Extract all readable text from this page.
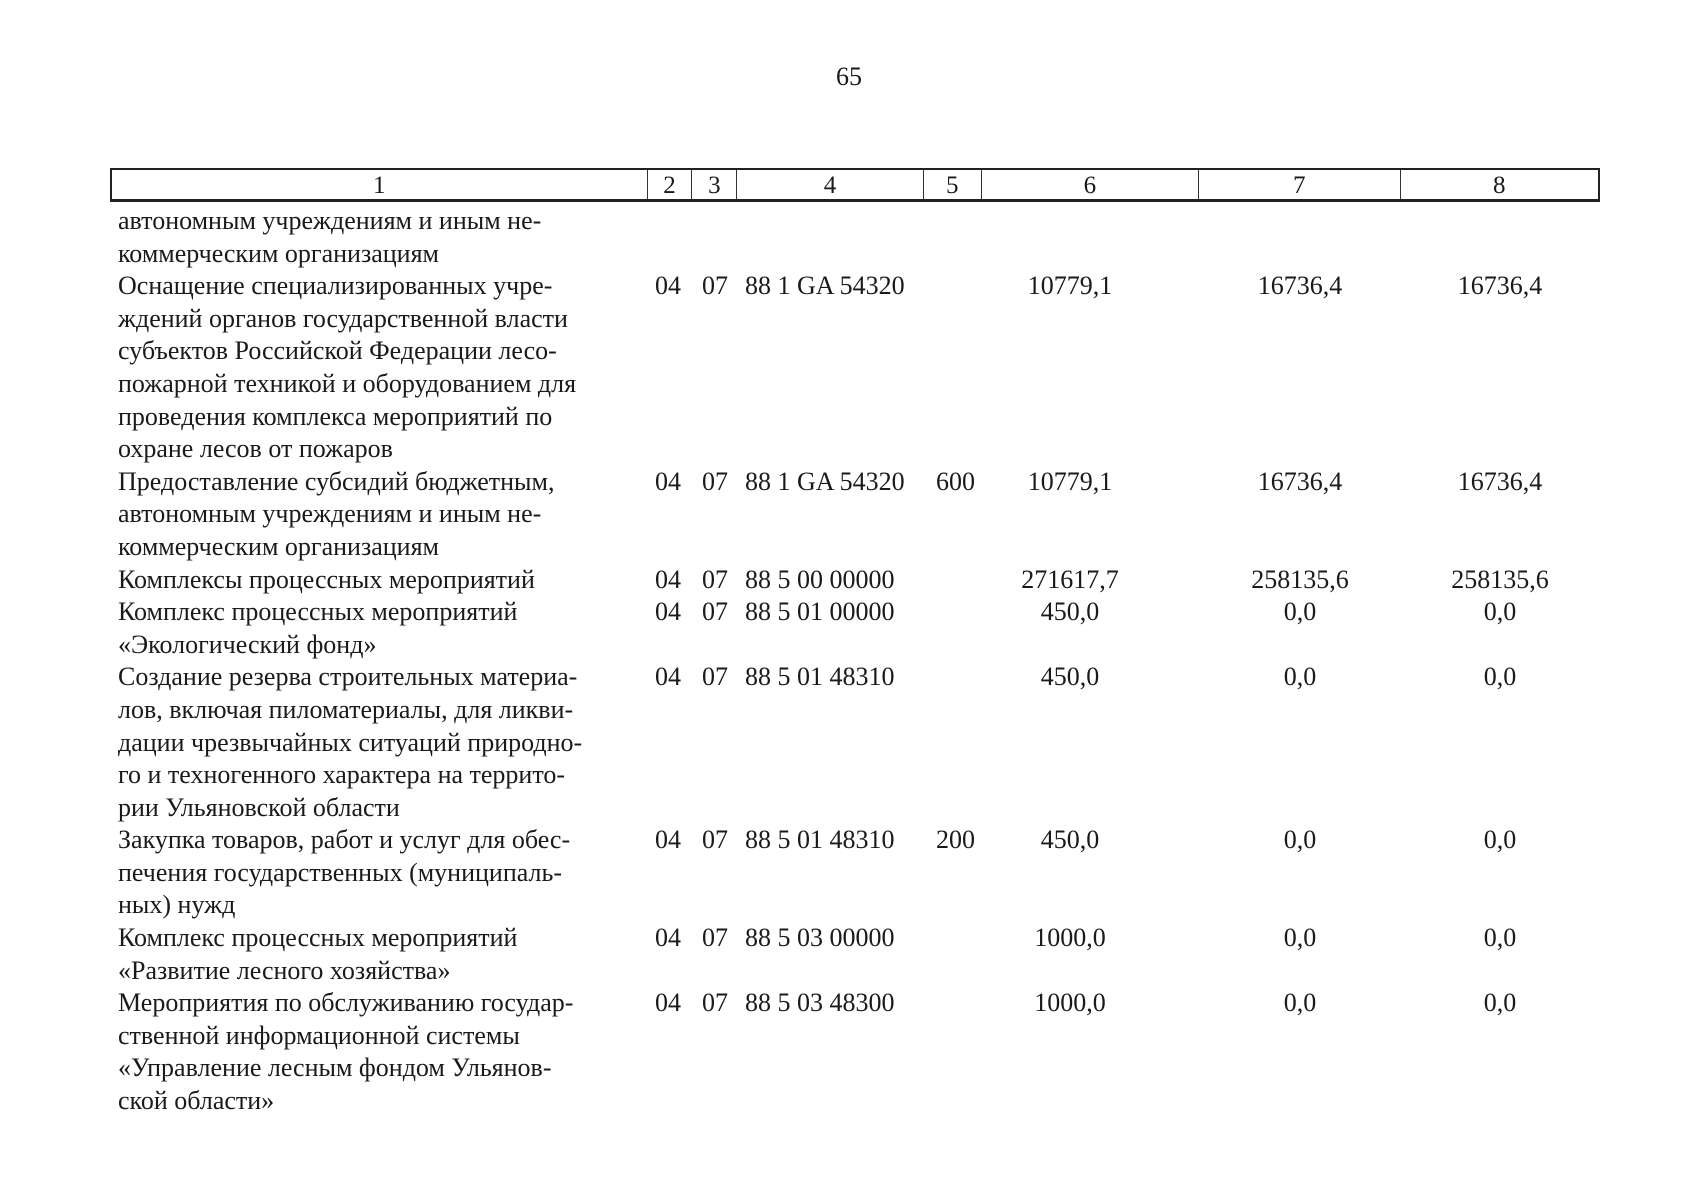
65
1	2	3	4	5	6	7	8
автономным учреждениям и иным не-
коммерческим организациям
Оснащение специализированных учре-
ждений органов государственной власти
субъектов Российской Федерации лесо-
пожарной техникой и оборудованием для
проведения комплекса мероприятий по
охране лесов от пожаров
04 07 88 1 GA 54320	10779,1	16736,4	16736,4
Предоставление субсидий бюджетным,
автономным учреждениям и иным не-
коммерческим организациям
04 07 88 1 GA 54320 600	10779,1	16736,4	16736,4
Комплексы процессных мероприятий	04 07 88 5 00 00000	271617,7	258135,6	258135,6
Комплекс процессных мероприятий
«Экологический фонд»
04 07 88 5 01 00000	450,0	0,0	0,0
Создание резерва строительных материа-
лов, включая пиломатериалы, для ликви-
дации чрезвычайных ситуаций природно-
го и техногенного характера на террито-
рии Ульяновской области
04 07 88 5 01 48310	450,0	0,0	0,0
Закупка товаров, работ и услуг для обес-
печения государственных (муниципаль-
ных) нужд
04 07 88 5 01 48310 200	450,0	0,0	0,0
Комплекс процессных мероприятий
«Развитие лесного хозяйства»
04 07 88 5 03 00000	1000,0	0,0	0,0
Мероприятия по обслуживанию государ-
ственной информационной системы
«Управление лесным фондом Ульянов-
ской области»
04 07 88 5 03 48300	1000,0	0,0	0,0
